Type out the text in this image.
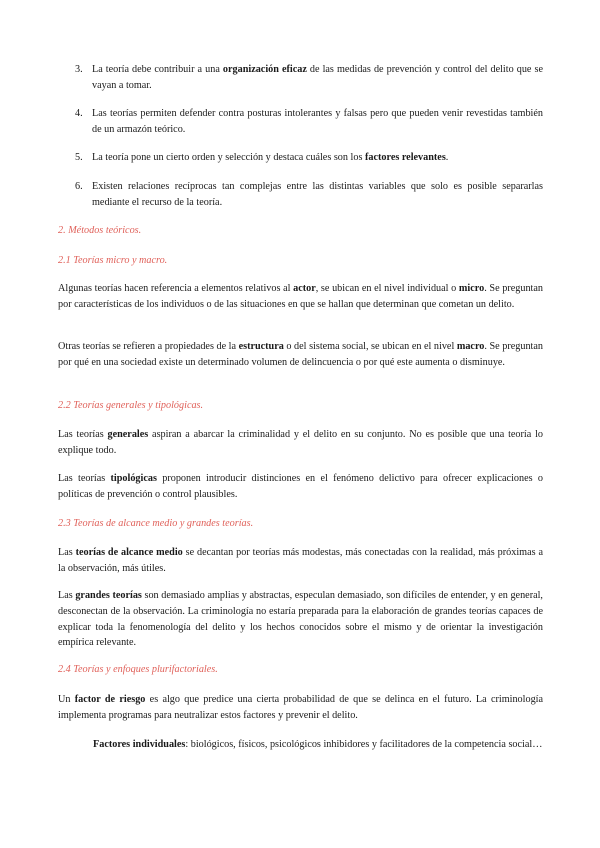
3. La teoría debe contribuir a una organización eficaz de las medidas de prevención y control del delito que se vayan a tomar.
4. Las teorías permiten defender contra posturas intolerantes y falsas pero que pueden venir revestidas también de un armazón teórico.
5. La teoría pone un cierto orden y selección y destaca cuáles son los factores relevantes.
6. Existen relaciones recíprocas tan complejas entre las distintas variables que solo es posible separarlas mediante el recurso de la teoría.
2. Métodos teóricos.
2.1 Teorías micro y macro.
Algunas teorías hacen referencia a elementos relativos al actor, se ubican en el nivel individual o micro. Se preguntan por características de los individuos o de las situaciones en que se hallan que determinan que cometan un delito.
Otras teorías se refieren a propiedades de la estructura o del sistema social, se ubican en el nivel macro. Se preguntan por qué en una sociedad existe un determinado volumen de delincuencia o por qué este aumenta o disminuye.
2.2 Teorías generales y tipológicas.
Las teorías generales aspiran a abarcar la criminalidad y el delito en su conjunto. No es posible que una teoría lo explique todo.
Las teorías tipológicas proponen introducir distinciones en el fenómeno delictivo para ofrecer explicaciones o políticas de prevención o control plausibles.
2.3 Teorías de alcance medio y grandes teorías.
Las teorías de alcance medio se decantan por teorías más modestas, más conectadas con la realidad, más próximas a la observación, más útiles.
Las grandes teorías son demasiado amplias y abstractas, especulan demasiado, son difíciles de entender, y en general, desconectan de la observación. La criminología no estaría preparada para la elaboración de grandes teorías capaces de explicar toda la fenomenología del delito y los hechos conocidos sobre el mismo y de orientar la investigación empírica relevante.
2.4 Teorías y enfoques plurifactoriales.
Un factor de riesgo es algo que predice una cierta probabilidad de que se delinca en el futuro. La criminología implementa programas para neutralizar estos factores y prevenir el delito.
Factores individuales: biológicos, físicos, psicológicos inhibidores y facilitadores de la competencia social…
